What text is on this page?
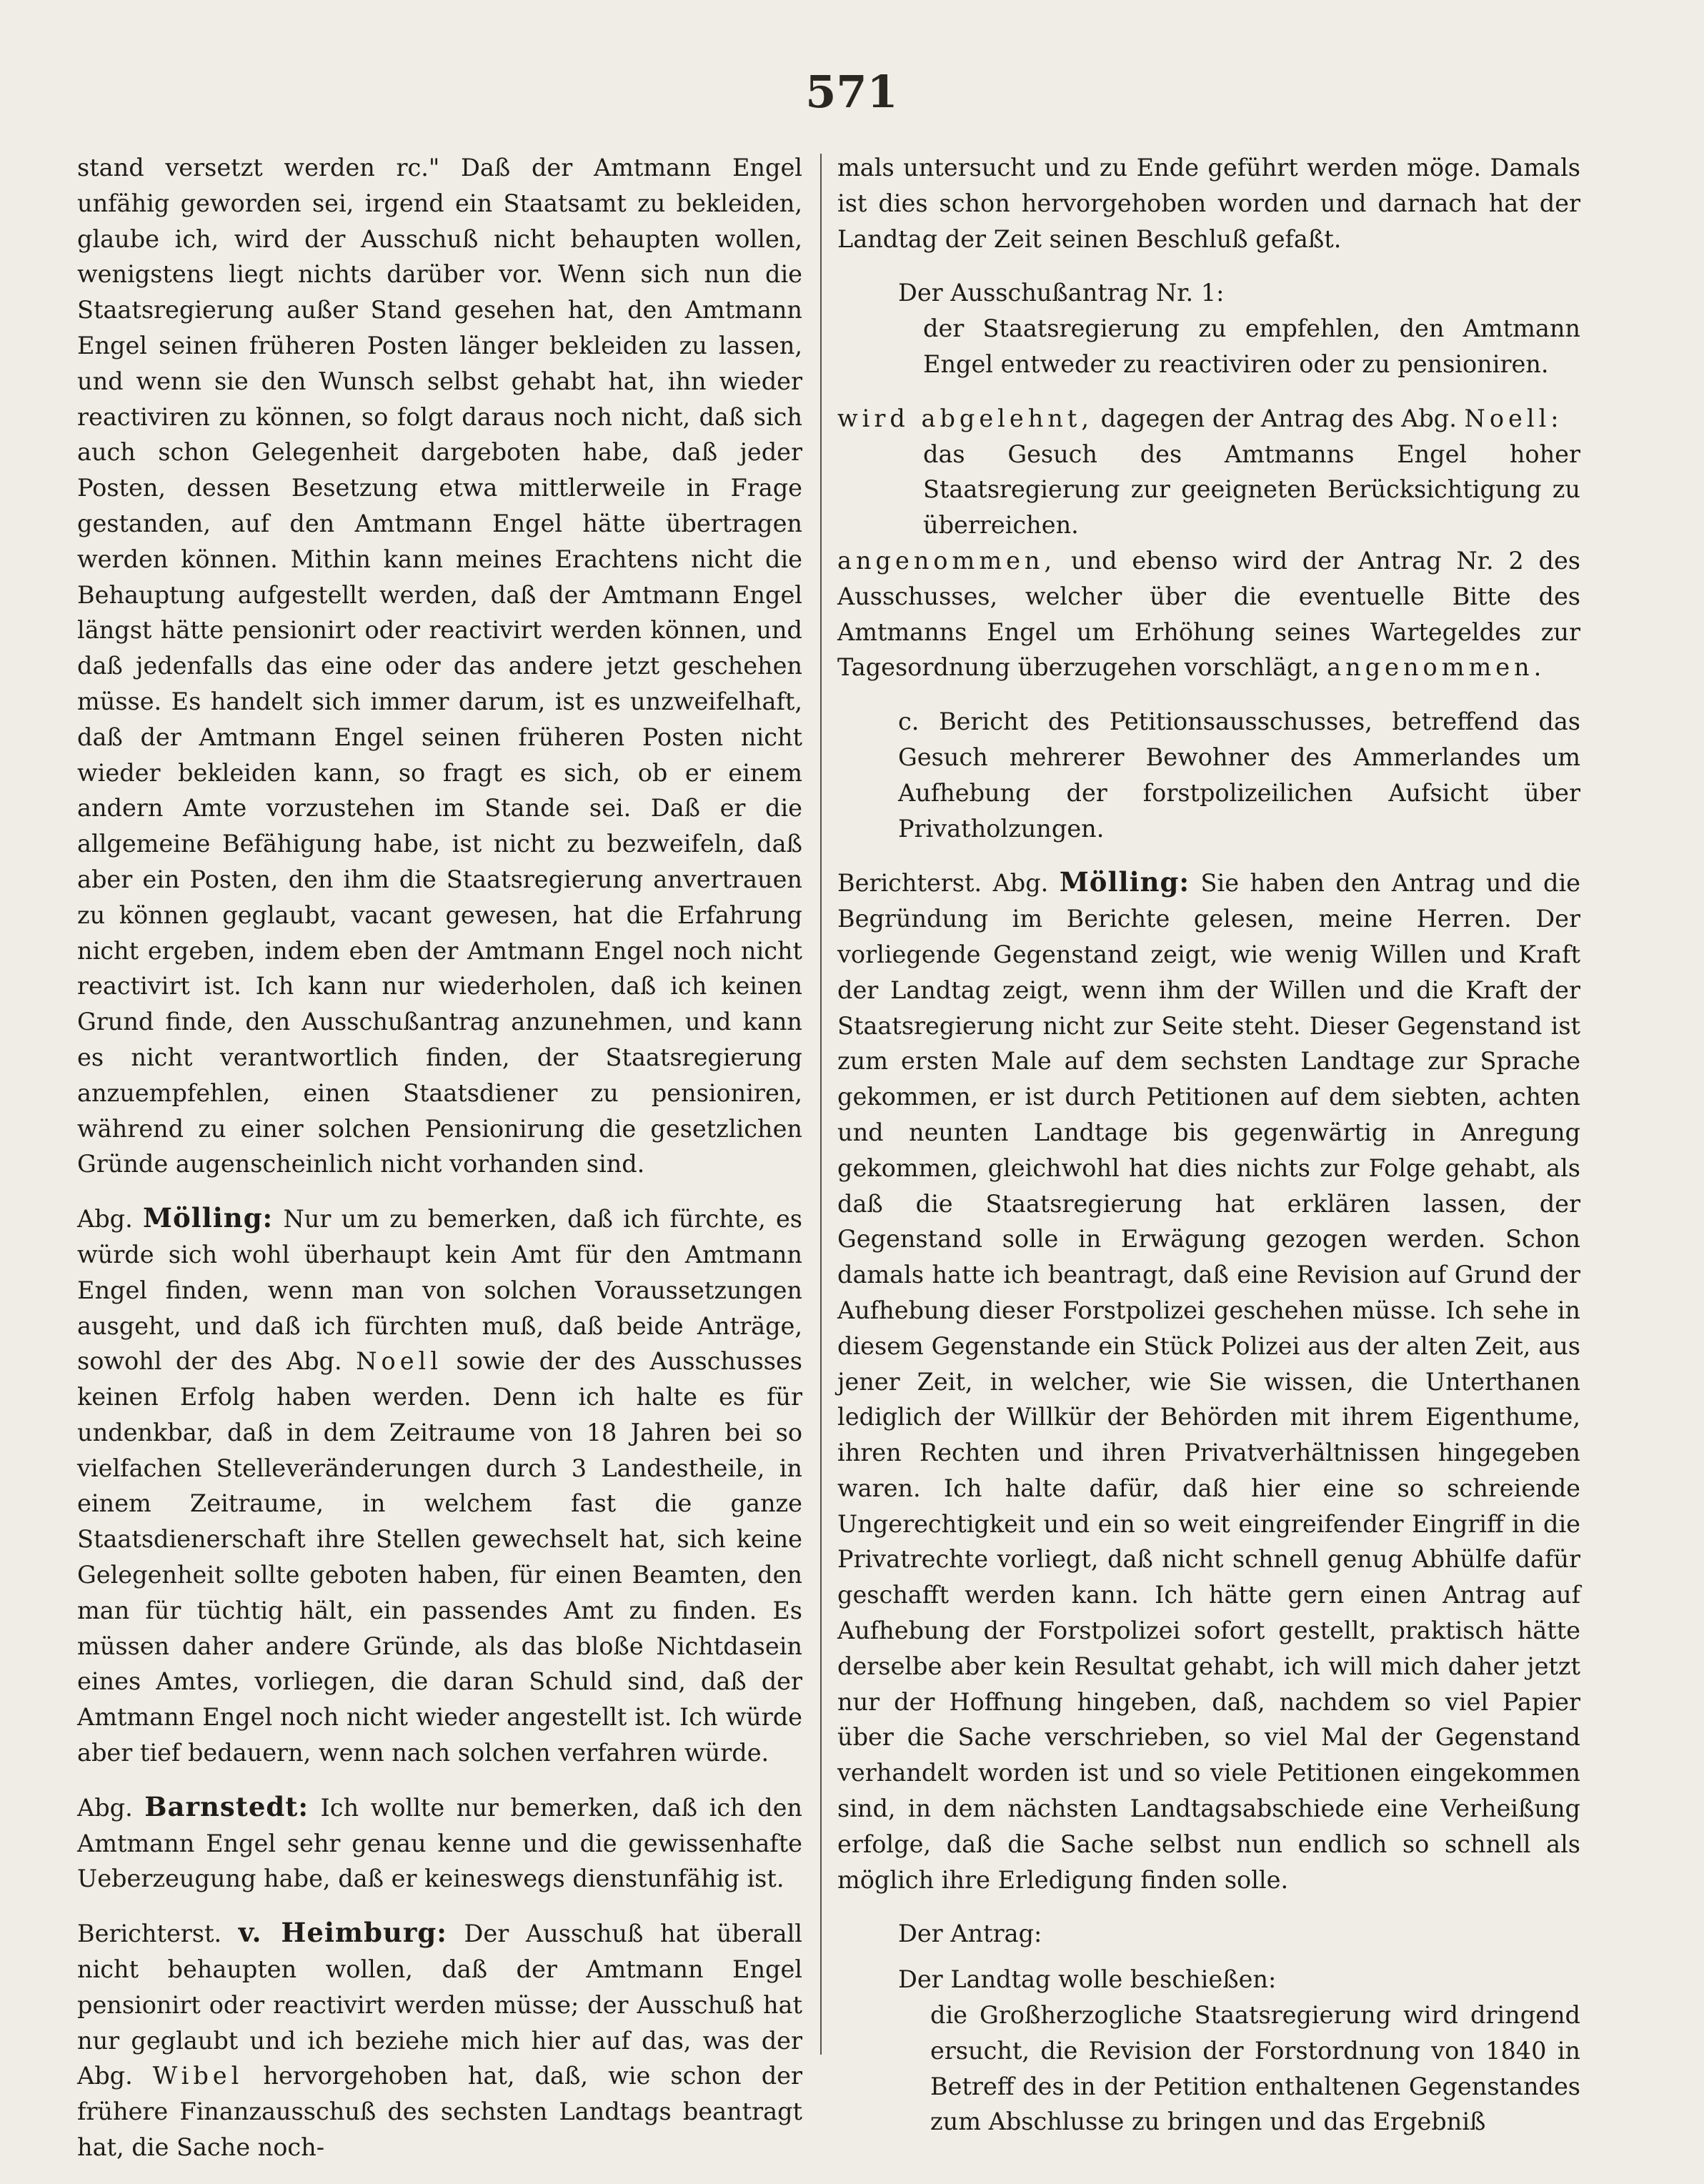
571

stand versetzt werden rc." Daß der Amtmann Engel unfähig geworden sei, irgend ein Staatsamt zu bekleiden, glaube ich, wird der Ausschuß nicht behaupten wollen, wenigstens liegt nichts darüber vor. Wenn sich nun die Staatsregierung außer Stand gesehen hat, den Amtmann Engel seinen früheren Posten länger bekleiden zu lassen, und wenn sie den Wunsch selbst gehabt hat, ihn wieder reactiviren zu können, so folgt daraus noch nicht, daß sich auch schon Gelegenheit dargeboten habe, daß jeder Posten, dessen Besetzung etwa mittlerweile in Frage gestanden, auf den Amtmann Engel hätte übertragen werden können. Mithin kann meines Erachtens nicht die Behauptung aufgestellt werden, daß der Amtmann Engel längst hätte pensionirt oder reactivirt werden können, und daß jedenfalls das eine oder das andere jetzt geschehen müsse. Es handelt sich immer darum, ist es unzweifelhaft, daß der Amtmann Engel seinen früheren Posten nicht wieder bekleiden kann, so fragt es sich, ob er einem andern Amte vorzustehen im Stande sei. Daß er die allgemeine Befähigung habe, ist nicht zu bezweifeln, daß aber ein Posten, den ihm die Staatsregierung anvertrauen zu können geglaubt, vacant gewesen, hat die Erfahrung nicht ergeben, indem eben der Amtmann Engel noch nicht reactivirt ist. Ich kann nur wiederholen, daß ich keinen Grund finde, den Ausschußantrag anzunehmen, und kann es nicht verantwortlich finden, der Staatsregierung anzuempfehlen, einen Staatsdiener zu pensioniren, während zu einer solchen Pensionirung die gesetzlichen Gründe augenscheinlich nicht vorhanden sind.

Abg. Mölling: Nur um zu bemerken, daß ich fürchte, es würde sich wohl überhaupt kein Amt für den Amtmann Engel finden, wenn man von solchen Voraussetzungen ausgeht, und daß ich fürchten muß, daß beide Anträge, sowohl der des Abg. Noell sowie der des Ausschusses keinen Erfolg haben werden. Denn ich halte es für undenkbar, daß in dem Zeitraume von 18 Jahren bei so vielfachen Stelleveränderungen durch 3 Landestheile, in einem Zeitraume, in welchem fast die ganze Staatsdienerschaft ihre Stellen gewechselt hat, sich keine Gelegenheit sollte geboten haben, für einen Beamten, den man für tüchtig hält, ein passendes Amt zu finden. Es müssen daher andere Gründe, als das bloße Nichtdasein eines Amtes, vorliegen, die daran Schuld sind, daß der Amtmann Engel noch nicht wieder angestellt ist. Ich würde aber tief bedauern, wenn nach solchen verfahren würde.

Abg. Barnstedt: Ich wollte nur bemerken, daß ich den Amtmann Engel sehr genau kenne und die gewissenhafte Ueberzeugung habe, daß er keineswegs dienstunfähig ist.

Berichterst. v. Heimburg: Der Ausschuß hat überall nicht behaupten wollen, daß der Amtmann Engel pensionirt oder reactivirt werden müsse; der Ausschuß hat nur geglaubt und ich beziehe mich hier auf das, was der Abg. Wibel hervorgehoben hat, daß, wie schon der frühere Finanzausschuß des sechsten Landtags beantragt hat, die Sache noch-

mals untersucht und zu Ende geführt werden möge. Damals ist dies schon hervorgehoben worden und darnach hat der Landtag der Zeit seinen Beschluß gefaßt.

Der Ausschußantrag Nr. 1:

der Staatsregierung zu empfehlen, den Amtmann Engel entweder zu reactiviren oder zu pensioniren.

wird abgelehnt, dagegen der Antrag des Abg. Noell:

das Gesuch des Amtmanns Engel hoher Staatsregierung zur geeigneten Berücksichtigung zu überreichen.

angenommen, und ebenso wird der Antrag Nr. 2 des Ausschusses, welcher über die eventuelle Bitte des Amtmanns Engel um Erhöhung seines Wartegeldes zur Tagesordnung überzugehen vorschlägt, angenommen.

c. Bericht des Petitionsausschusses, betreffend das Gesuch mehrerer Bewohner des Ammerlandes um Aufhebung der forstpolizeilichen Aufsicht über Privatholzungen.

Berichterst. Abg. Mölling: Sie haben den Antrag und die Begründung im Berichte gelesen, meine Herren. Der vorliegende Gegenstand zeigt, wie wenig Willen und Kraft der Landtag zeigt, wenn ihm der Willen und die Kraft der Staatsregierung nicht zur Seite steht. Dieser Gegenstand ist zum ersten Male auf dem sechsten Landtage zur Sprache gekommen, er ist durch Petitionen auf dem siebten, achten und neunten Landtage bis gegenwärtig in Anregung gekommen, gleichwohl hat dies nichts zur Folge gehabt, als daß die Staatsregierung hat erklären lassen, der Gegenstand solle in Erwägung gezogen werden. Schon damals hatte ich beantragt, daß eine Revision auf Grund der Aufhebung dieser Forstpolizei geschehen müsse. Ich sehe in diesem Gegenstande ein Stück Polizei aus der alten Zeit, aus jener Zeit, in welcher, wie Sie wissen, die Unterthanen lediglich der Willkür der Behörden mit ihrem Eigenthume, ihren Rechten und ihren Privatverhältnissen hingegeben waren. Ich halte dafür, daß hier eine so schreiende Ungerechtigkeit und ein so weit eingreifender Eingriff in die Privatrechte vorliegt, daß nicht schnell genug Abhülfe dafür geschafft werden kann. Ich hätte gern einen Antrag auf Aufhebung der Forstpolizei sofort gestellt, praktisch hätte derselbe aber kein Resultat gehabt, ich will mich daher jetzt nur der Hoffnung hingeben, daß, nachdem so viel Papier über die Sache verschrieben, so viel Mal der Gegenstand verhandelt worden ist und so viele Petitionen eingekommen sind, in dem nächsten Landtagsabschiede eine Verheißung erfolge, daß die Sache selbst nun endlich so schnell als möglich ihre Erledigung finden solle.

Der Antrag:

Der Landtag wolle beschießen:

die Großherzogliche Staatsregierung wird dringend ersucht, die Revision der Forstordnung von 1840 in Betreff des in der Petition enthaltenen Gegenstandes zum Abschlusse zu bringen und das Ergebniß
